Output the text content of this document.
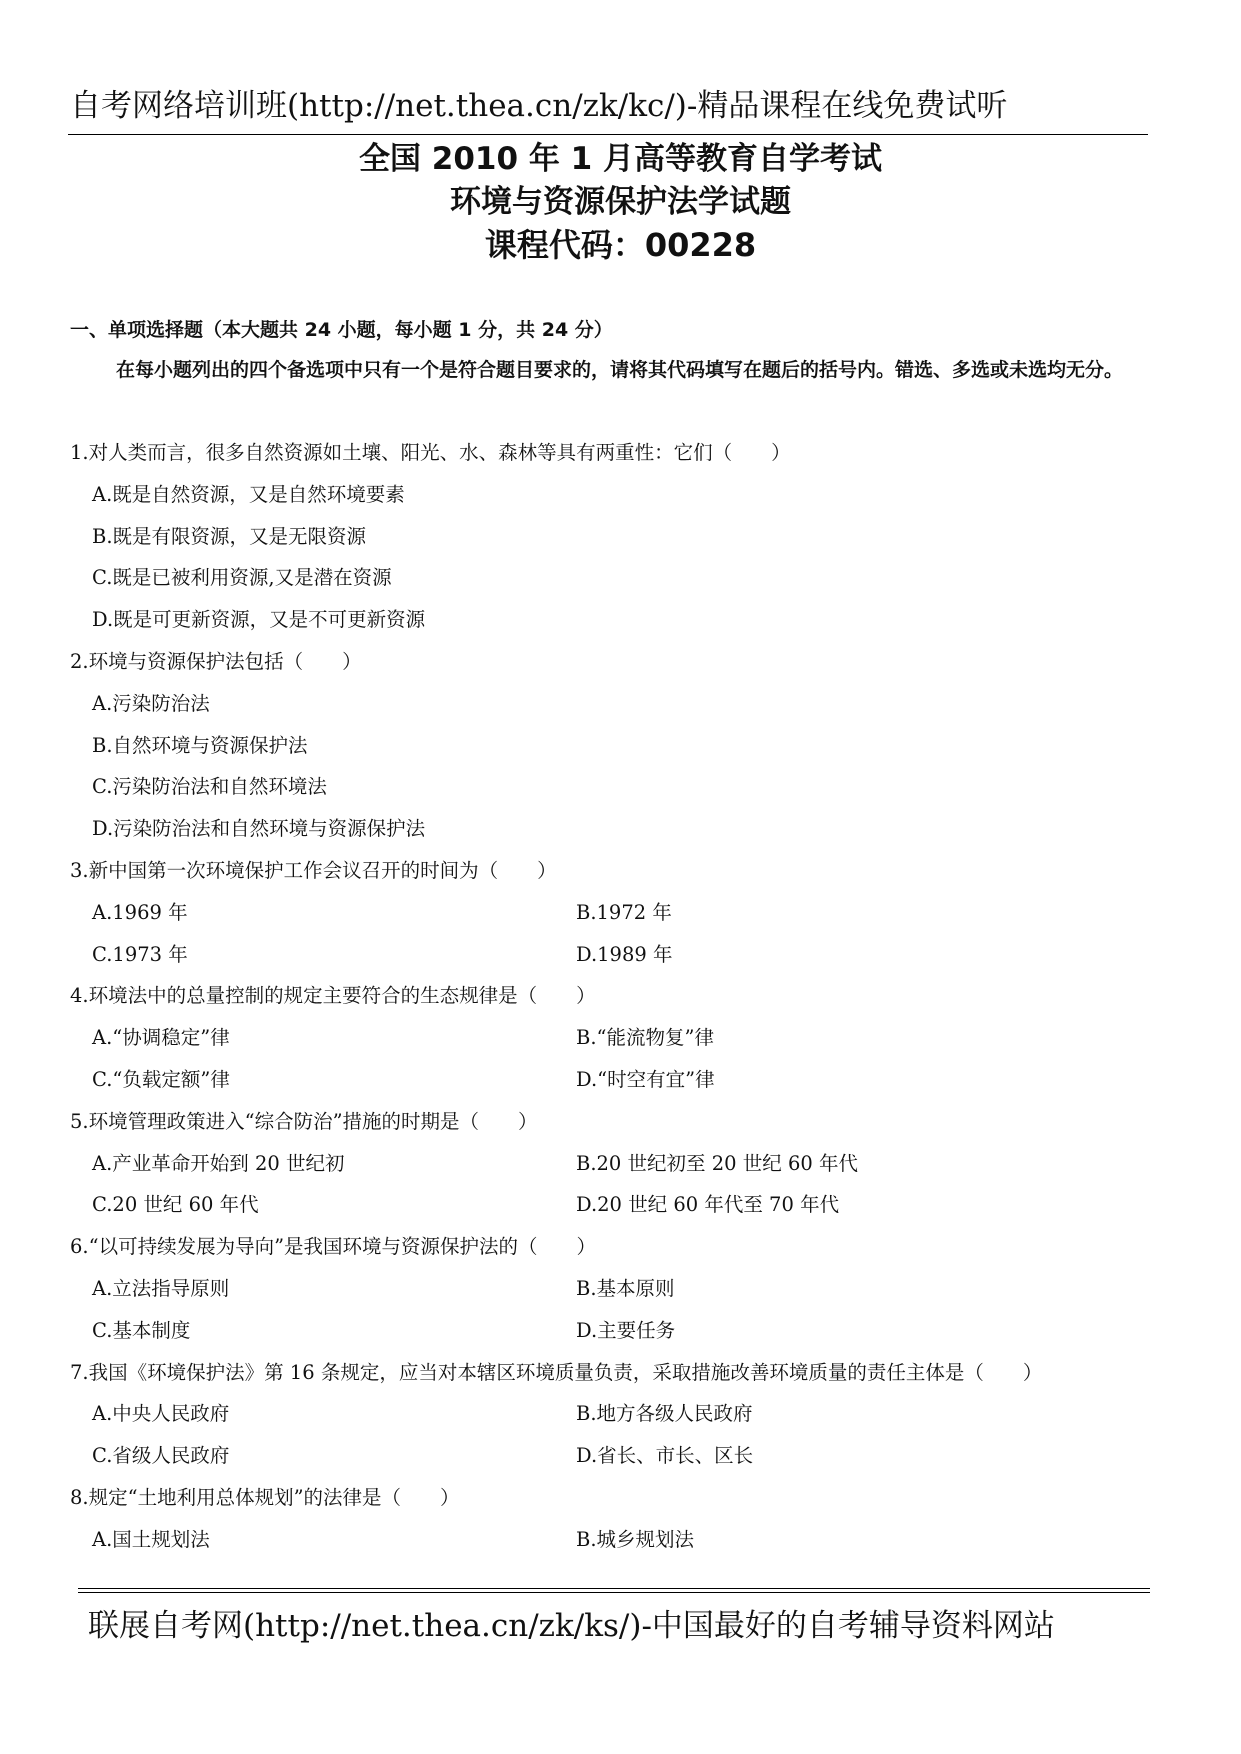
自考网络培训班(http://net.thea.cn/zk/kc/)-精品课程在线免费试听
全国 2010 年 1 月高等教育自学考试
环境与资源保护法学试题
课程代码：00228
一、单项选择题（本大题共 24 小题，每小题 1 分，共 24 分）
在每小题列出的四个备选项中只有一个是符合题目要求的，请将其代码填写在题后的括号内。错选、多选或未选均无分。
1.对人类而言，很多自然资源如土壤、阳光、水、森林等具有两重性：它们（　　）
A.既是自然资源，又是自然环境要素
B.既是有限资源，又是无限资源
C.既是已被利用资源,又是潜在资源
D.既是可更新资源，又是不可更新资源
2.环境与资源保护法包括（　　）
A.污染防治法
B.自然环境与资源保护法
C.污染防治法和自然环境法
D.污染防治法和自然环境与资源保护法
3.新中国第一次环境保护工作会议召开的时间为（　　）
A.1969 年	B.1972 年
C.1973 年	D.1989 年
4.环境法中的总量控制的规定主要符合的生态规律是（　　）
A.“协调稳定”律	B.“能流物复”律
C.“负载定额”律	D.“时空有宜”律
5.环境管理政策进入“综合防治”措施的时期是（　　）
A.产业革命开始到 20 世纪初	B.20 世纪初至 20 世纪 60 年代
C.20 世纪 60 年代	D.20 世纪 60 年代至 70 年代
6.“以可持续发展为导向”是我国环境与资源保护法的（　　）
A.立法指导原则	B.基本原则
C.基本制度	D.主要任务
7.我国《环境保护法》第 16 条规定，应当对本辖区环境质量负责，采取措施改善环境质量的责任主体是（　　）
A.中央人民政府	B.地方各级人民政府
C.省级人民政府	D.省长、市长、区长
8.规定“土地利用总体规划”的法律是（　　）
A.国土规划法	B.城乡规划法
联展自考网(http://net.thea.cn/zk/ks/)-中国最好的自考辅导资料网站
